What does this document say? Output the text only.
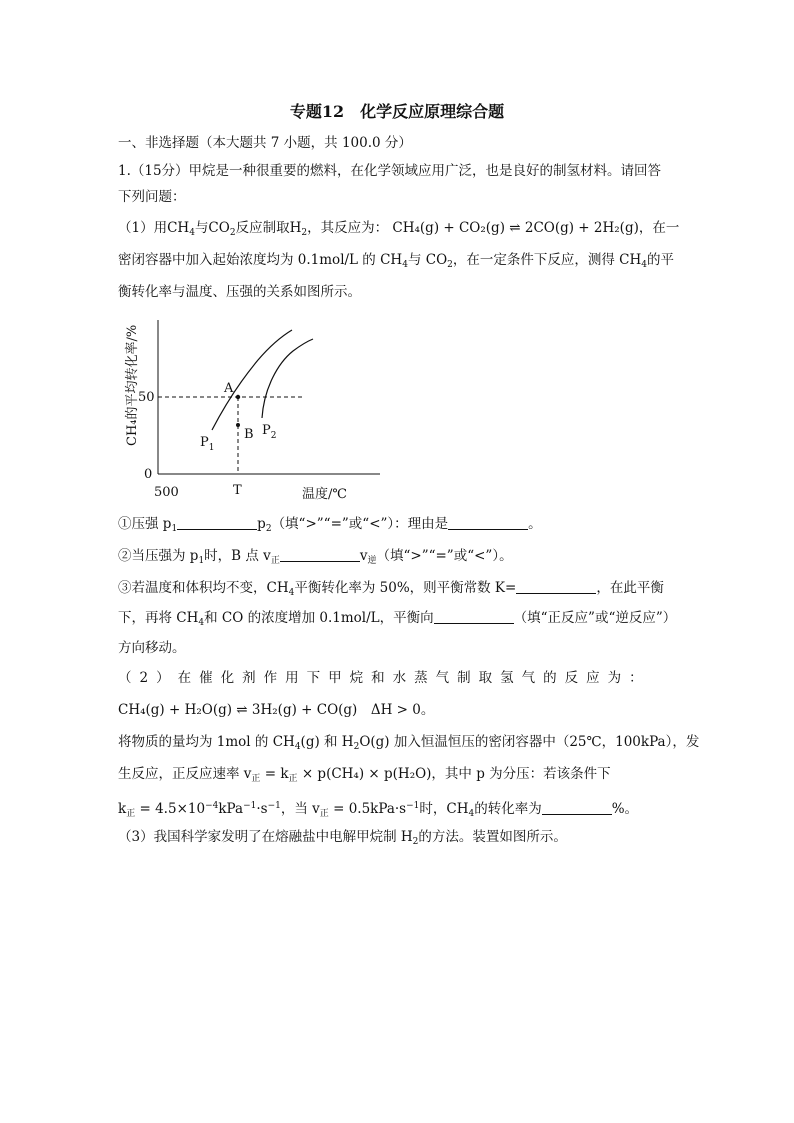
专题12　化学反应原理综合题
一、非选择题（本大题共 7 小题，共 100.0 分）
1.（15分）甲烷是一种很重要的燃料，在化学领域应用广泛，也是良好的制氢材料。请回答
下列问题：
（1）用$CH_4$与$CO_2$反应制取$H_2$，其反应为： CH₄(g) + CO₂(g) ⇌ 2CO(g) + 2H₂(g)，在一
密闭容器中加入起始浓度均为 0.1mol/L 的 $CH_4$与 $CO_2$，在一定条件下反应，测得 $CH_4$的平
衡转化率与温度、压强的关系如图所示。
A
B
$P_1$
$P_2$
50
0
500	T	温度/℃
CH₄的平均转化率/%
①压强 $p_1$	$p_2$（填“>”“=”或“<”）：理由是	。
②当压强为 $p_1$时，B 点 $v_正$	$v_逆$（填“>”“=”或“<”）。
③若温度和体积均不变，$CH_4$平衡转化率为 50%，则平衡常数 K=	，在此平衡
下，再将 $CH_4$和 CO 的浓度增加 0.1mol/L，平衡向	（填“正反应”或“逆反应”）
方向移动。
（2）在催化剂作用下甲烷和水蒸气制取氢气的反应为：
CH₄(g) + H₂O(g) ⇌ 3H₂(g) + CO(g)　ΔH > 0。
将物质的量均为 1mol 的 $CH_4(g)$ 和 $H_2O(g)$ 加入恒温恒压的密闭容器中（25℃，100kPa），发
生反应，正反应速率 $v_正 = k_正 \times p(CH_4) \times p(H_2O)$，其中 p 为分压：若该条件下
$k_正 = 4.5\times 10^{-4}kPa^{-1}\cdot s^{-1}$，当 $v_正 = 0.5kPa\cdot s^{-1}$时，$CH_4$的转化率为	%。
（3）我国科学家发明了在熔融盐中电解甲烷制 $H_2$的方法。装置如图所示。
